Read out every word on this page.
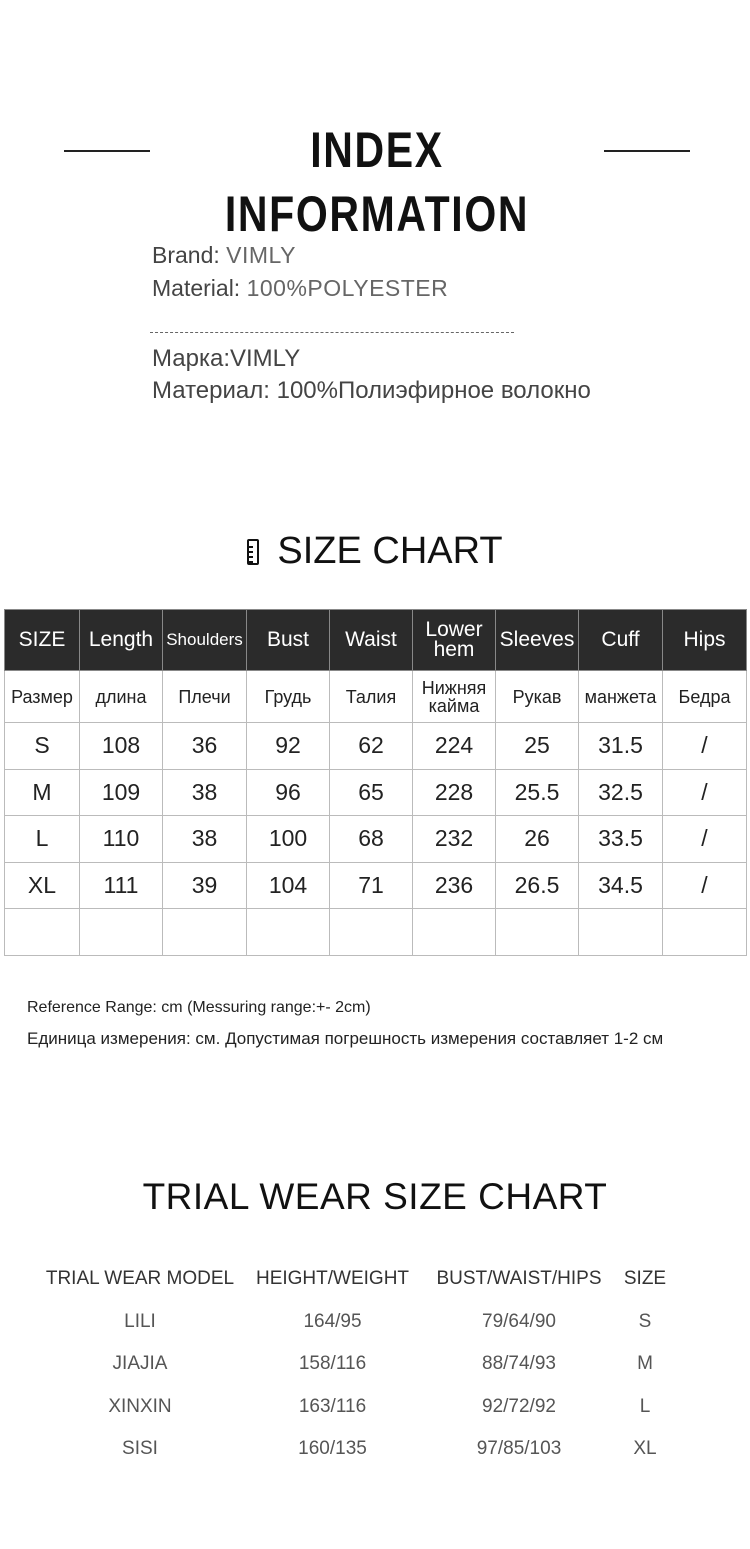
INDEX INFORMATION
Brand: VIMLY
Material: 100%POLYESTER
Марка:VIMLY
Материал: 100%Полиэфирное волокно
SIZE CHART
SIZE	Length	Shoulders	Bust	Waist	Lower hem	Sleeves	Cuff	Hips
Размер	длина	Плечи	Грудь	Талия	Нижняя кайма	Рукав	манжета	Бедра
S	108	36	92	62	224	25	31.5	/
M	109	38	96	65	228	25.5	32.5	/
L	110	38	100	68	232	26	33.5	/
XL	111	39	104	71	236	26.5	34.5	/

Reference Range: cm (Messuring range:+- 2cm)
Единица измерения: см. Допустимая погрешность измерения составляет 1-2 см
TRIAL WEAR SIZE CHART
TRIAL WEAR MODEL	HEIGHT/WEIGHT	BUST/WAIST/HIPS	SIZE
LILI	164/95	79/64/90	S
JIAJIA	158/116	88/74/93	M
XINXIN	163/116	92/72/92	L
SISI	160/135	97/85/103	XL
